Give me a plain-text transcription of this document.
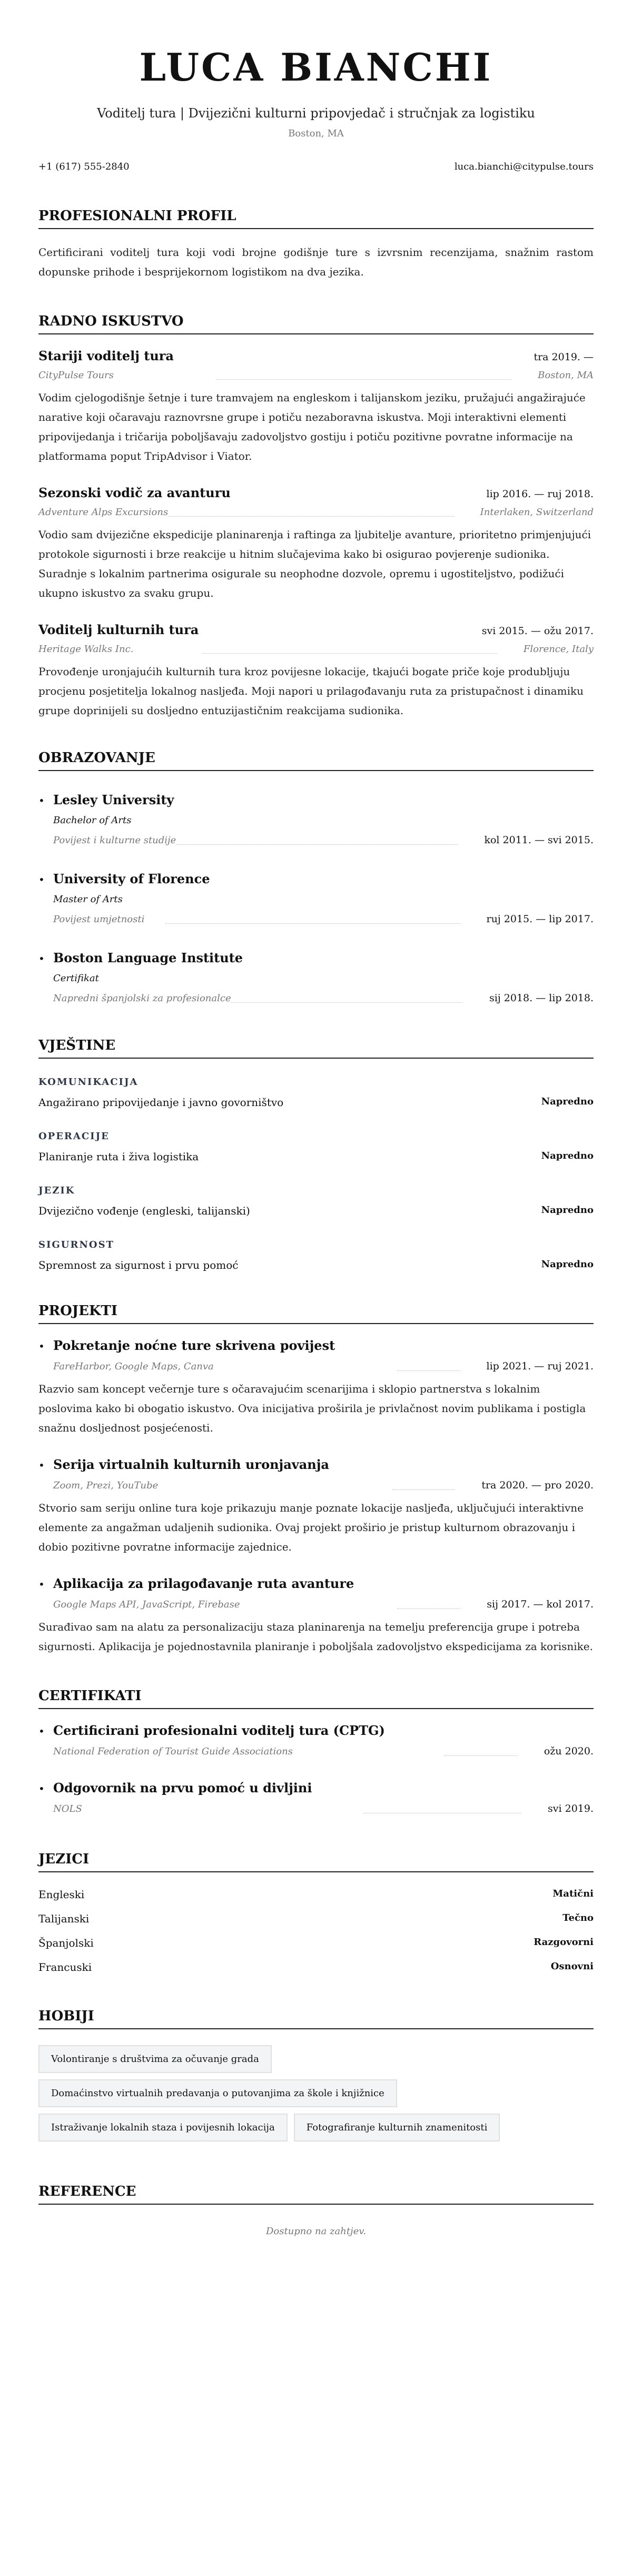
LUCA BIANCHI
Voditelj tura | Dvijezični kulturni pripovjedač i stručnjak za logistiku
Boston, MA
+1 (617) 555-2840	luca.bianchi@citypulse.tours
PROFESIONALNI PROFIL

Certificirani voditelj tura koji vodi brojne godišnje ture s izvrsnim recenzijama, snažnim rastom dopunske prihode i besprijekornom logistikom na dva jezika.

RADNO ISKUSTVO
Stariji voditelj tura	tra 2019. —
CityPulse Tours	Boston, MA

Vodim cjelogodišnje šetnje i ture tramvajem na engleskom i talijanskom jeziku, pružajući angažirajuće narative koji očaravaju raznovrsne grupe i potiču nezaboravna iskustva. Moji interaktivni elementi pripovijedanja i tričarija poboljšavaju zadovoljstvo gostiju i potiču pozitivne povratne informacije na platformama poput TripAdvisor i Viator.

Sezonski vodič za avanturu	lip 2016. — ruj 2018.
Adventure Alps Excursions	Interlaken, Switzerland

Vodio sam dvijezične ekspedicije planinarenja i raftinga za ljubitelje avanture, prioritetno primjenjujući protokole sigurnosti i brze reakcije u hitnim slučajevima kako bi osigurao povjerenje sudionika. Suradnje s lokalnim partnerima osigurale su neophodne dozvole, opremu i ugostiteljstvo, podižući ukupno iskustvo za svaku grupu.

Voditelj kulturnih tura	svi 2015. — ožu 2017.
Heritage Walks Inc.	Florence, Italy

Provođenje uronjajućih kulturnih tura kroz povijesne lokacije, tkajući bogate priče koje produbljuju procjenu posjetitelja lokalnog nasljeđa. Moji napori u prilagođavanju ruta za pristupačnost i dinamiku grupe doprinijeli su dosljedno entuzijastičnim reakcijama sudionika.

OBRAZOVANJE
• Lesley University
Bachelor of Arts
Povijest i kulturne studije	kol 2011. — svi 2015.
• University of Florence
Master of Arts
Povijest umjetnosti	ruj 2015. — lip 2017.
• Boston Language Institute
Certifikat
Napredni španjolski za profesionalce	sij 2018. — lip 2018.
VJEŠTINE
KOMUNIKACIJA
Angažirano pripovijedanje i javno govorništvo	Napredno
OPERACIJE
Planiranje ruta i živa logistika	Napredno
JEZIK
Dvijezično vođenje (engleski, talijanski)	Napredno
SIGURNOST
Spremnost za sigurnost i prvu pomoć	Napredno
PROJEKTI
• Pokretanje noćne ture skrivena povijest
FareHarbor, Google Maps, Canva	lip 2021. — ruj 2021.

Razvio sam koncept večernje ture s očaravajućim scenarijima i sklopio partnerstva s lokalnim poslovima kako bi obogatio iskustvo. Ova inicijativa proširila je privlačnost novim publikama i postigla snažnu dosljednost posjećenosti.

• Serija virtualnih kulturnih uronjavanja
Zoom, Prezi, YouTube	tra 2020. — pro 2020.

Stvorio sam seriju online tura koje prikazuju manje poznate lokacije nasljeđa, uključujući interaktivne elemente za angažman udaljenih sudionika. Ovaj projekt proširio je pristup kulturnom obrazovanju i dobio pozitivne povratne informacije zajednice.

• Aplikacija za prilagođavanje ruta avanture
Google Maps API, JavaScript, Firebase	sij 2017. — kol 2017.

Surađivao sam na alatu za personalizaciju staza planinarenja na temelju preferencija grupe i potreba sigurnosti. Aplikacija je pojednostavnila planiranje i poboljšala zadovoljstvo ekspedicijama za korisnike.

CERTIFIKATI
• Certificirani profesionalni voditelj tura (CPTG)
National Federation of Tourist Guide Associations	ožu 2020.
• Odgovornik na prvu pomoć u divljini
NOLS	svi 2019.
JEZICI
Engleski	Matični
Talijanski	Tečno
Španjolski	Razgovorni
Francuski	Osnovni
HOBIJI
Volontiranje s društvima za očuvanje grada
Domaćinstvo virtualnih predavanja o putovanjima za škole i knjižnice
Istraživanje lokalnih staza i povijesnih lokacija	Fotografiranje kulturnih znamenitosti
REFERENCE
Dostupno na zahtjev.
